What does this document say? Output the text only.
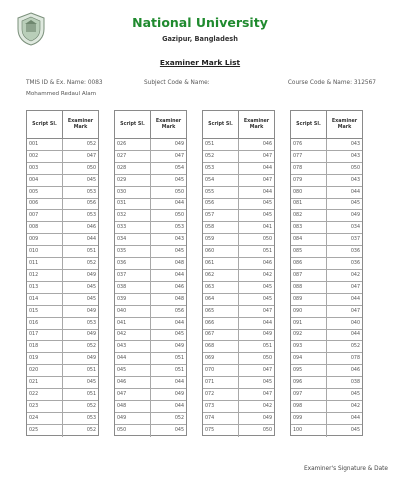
National University
Gazipur, Bangladesh
Examiner Mark List
TMIS ID & Ex. Name: 0083	Subject Code & Name:	Course Code & Name: 312567
Mohammed Redaul Alam
Script Sl.
Examiner Mark
001	052
002	047
003	050
004	045
005	053
006	056
007	053
008	046
009	044
010	051
011	052
012	049
013	045
014	045
015	049
016	053
017	049
018	052
019	049
020	051
021	045
022	051
023	052
024	053
025	052
Script Sl.
Examiner Mark
026	049
027	047
028	054
029	045
030	050
031	044
032	050
033	053
034	043
035	045
036	048
037	044
038	046
039	048
040	056
041	044
042	045
043	049
044	051
045	051
046	044
047	049
048	044
049	052
050	045
Script Sl.
Examiner Mark
051	046
052	047
053	044
054	047
055	044
056	045
057	045
058	041
059	050
060	051
061	046
062	042
063	045
064	045
065	047
066	044
067	049
068	051
069	050
070	047
071	045
072	047
073	042
074	049
075	050
Script Sl.
Examiner Mark
076	043
077	043
078	050
079	043
080	044
081	045
082	049
083	034
084	037
085	036
086	036
087	042
088	047
089	044
090	047
091	040
092	044
093	052
094	078
095	046
096	038
097	045
098	042
099	044
100	045
Examiner's Signature & Date
